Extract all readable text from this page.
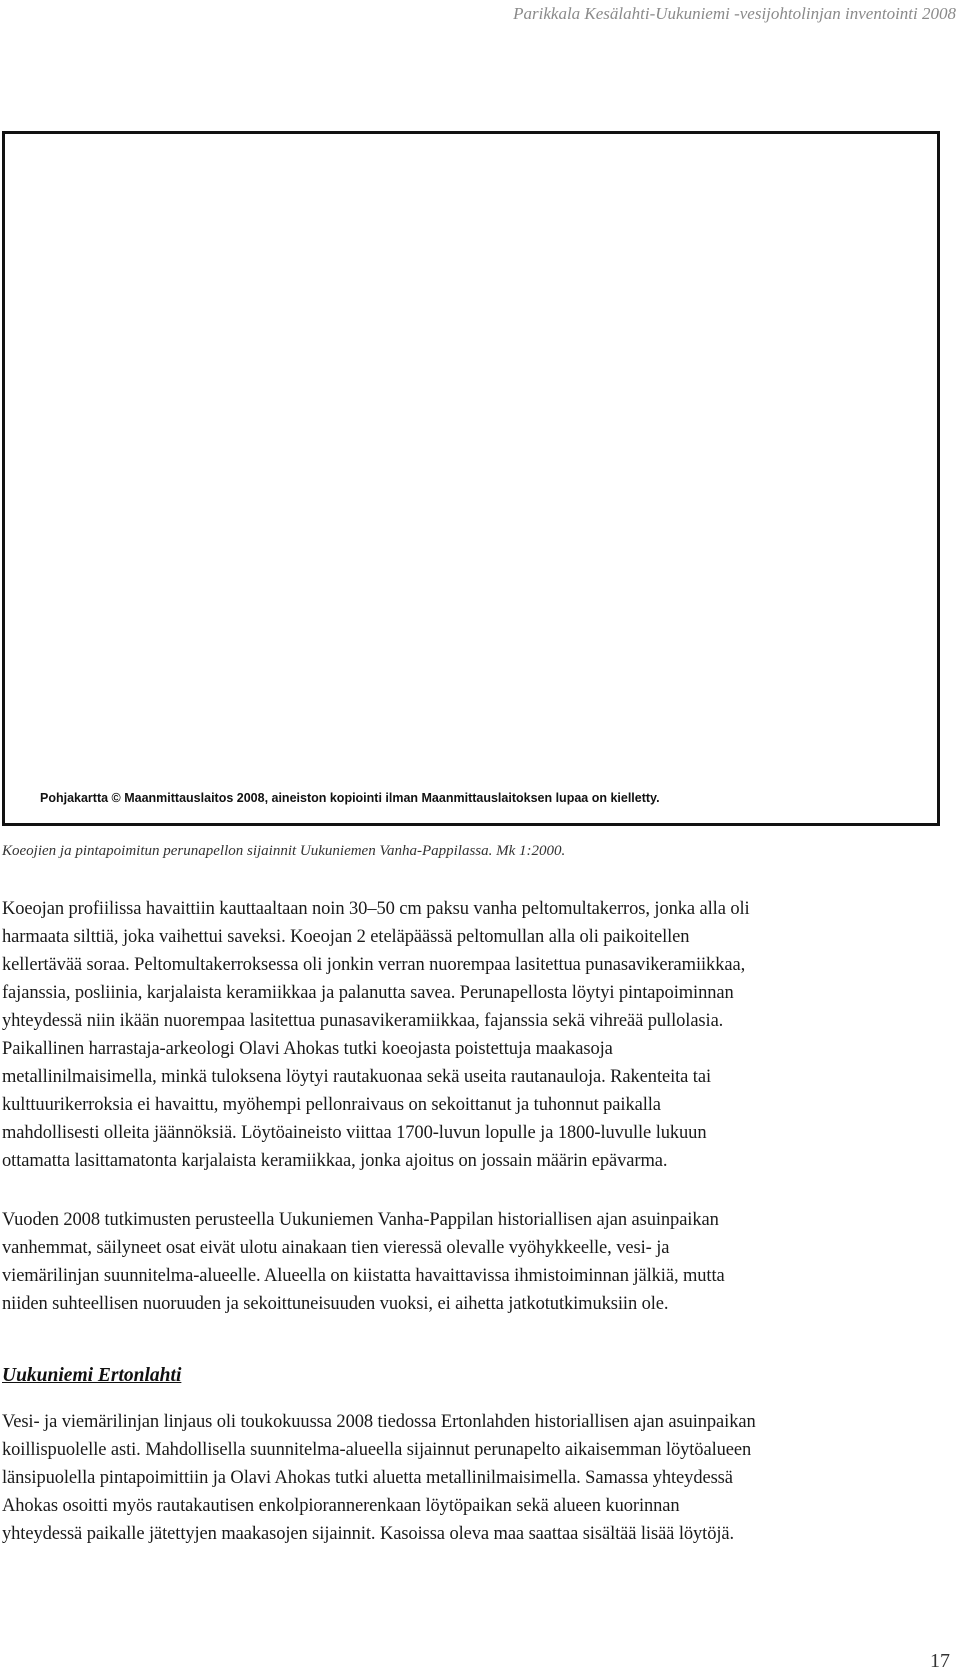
Parikkala Kesälahti-Uukuniemi -vesijohtolinjan inventointi 2008
Pohjakartta © Maanmittauslaitos 2008, aineiston kopiointi ilman Maanmittauslaitoksen lupaa on kielletty.
Koeojien ja pintapoimitun perunapellon sijainnit Uukuniemen Vanha-Pappilassa. Mk 1:2000.

Koeojan profiilissa havaittiin kauttaaltaan noin 30–50 cm paksu vanha peltomultakerros, jonka alla oli
harmaata silttiä, joka vaihettui saveksi. Koeojan 2 eteläpäässä peltomullan alla oli paikoitellen
kellertävää soraa. Peltomultakerroksessa oli jonkin verran nuorempaa lasitettua punasavikeramiikkaa,
fajanssia, posliinia, karjalaista keramiikkaa ja palanutta savea. Perunapellosta löytyi pintapoiminnan
yhteydessä niin ikään nuorempaa lasitettua punasavikeramiikkaa, fajanssia sekä vihreää pullolasia.
Paikallinen harrastaja-arkeologi Olavi Ahokas tutki koeojasta poistettuja maakasoja
metallinilmaisimella, minkä tuloksena löytyi rautakuonaa sekä useita rautanauloja. Rakenteita tai
kulttuurikerroksia ei havaittu, myöhempi pellonraivaus on sekoittanut ja tuhonnut paikalla
mahdollisesti olleita jäännöksiä. Löytöaineisto viittaa 1700-luvun lopulle ja 1800-luvulle lukuun
ottamatta lasittamatonta karjalaista keramiikkaa, jonka ajoitus on jossain määrin epävarma.

Vuoden 2008 tutkimusten perusteella Uukuniemen Vanha-Pappilan historiallisen ajan asuinpaikan
vanhemmat, säilyneet osat eivät ulotu ainakaan tien vieressä olevalle vyöhykkeelle, vesi- ja
viemärilinjan suunnitelma-alueelle. Alueella on kiistatta havaittavissa ihmistoiminnan jälkiä, mutta
niiden suhteellisen nuoruuden ja sekoittuneisuuden vuoksi, ei aihetta jatkotutkimuksiin ole.

Uukuniemi Ertonlahti

Vesi- ja viemärilinjan linjaus oli toukokuussa 2008 tiedossa Ertonlahden historiallisen ajan asuinpaikan
koillispuolelle asti. Mahdollisella suunnitelma-alueella sijainnut perunapelto aikaisemman löytöalueen
länsipuolella pintapoimittiin ja Olavi Ahokas tutki aluetta metallinilmaisimella. Samassa yhteydessä
Ahokas osoitti myös rautakautisen enkolpiorannerenkaan löytöpaikan sekä alueen kuorinnan
yhteydessä paikalle jätettyjen maakasojen sijainnit. Kasoissa oleva maa saattaa sisältää lisää löytöjä.

17
